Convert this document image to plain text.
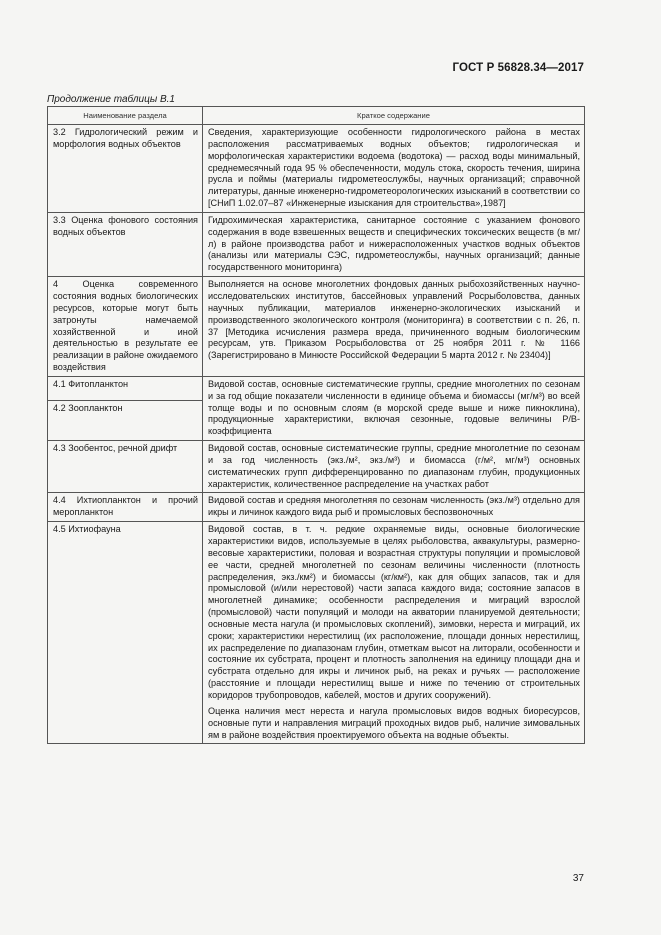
ГОСТ Р 56828.34—2017
Продолжение таблицы В.1
Наименование раздела	Краткое содержание
3.2 Гидрологический режим и морфология водных объектов	Сведения, характеризующие особенности гидрологического района в местах расположения рассматриваемых водных объектов; гидрологическая и морфологическая характеристики водоема (водотока) — расход воды минимальный, среднемесячный года 95 % обеспеченности, модуль стока, скорость течения, ширина русла и поймы (материалы гидрометеослужбы, научных организаций; справочной литературы, данные инженерно-гидрометеорологических изысканий в соответствии со [СНиП 1.02.07–87 «Инженерные изыскания для строительства»,1987]

3.3 Оценка фонового состояния водных объектов	Гидрохимическая характеристика, санитарное состояние с указанием фонового содержания в воде взвешенных веществ и специфических токсических веществ (в мг/л) в районе производства работ и нижерасположенных участков водных объектов (анализы или материалы СЭС, гидрометеослужбы, научных организаций; данные государственного мониторинга)

4 Оценка современного состояния водных биологических ресурсов, которые могут быть затронуты намечаемой хозяйственной и иной деятельностью в результате ее реализации в районе ожидаемого воздействия	Выполняется на основе многолетних фондовых данных рыбохозяйственных научно-исследовательских институтов, бассейновых управлений Росрыболовства, данных научных публикации, материалов инженерно-экологических изысканий и производственного экологического контроля (мониторинга) в соответствии с п. 26, п. 37 [Методика исчисления размера вреда, причиненного водным биологическим ресурсам, утв. Приказом Росрыболовства от 25 ноября 2011 г. № 1166 (Зарегистрировано в Минюсте Российской Федерации 5 марта 2012 г. № 23404)]

4.1 Фитопланктон	Видовой состав, основные систематические группы, средние многолетних по сезонам и за год общие показатели численности в единице объема и биомассы (мг/м³) во всей толще воды и по основным слоям (в морской среде выше и ниже пикноклина), продукционные характеристики, включая сезонные, годовые величины Р/В-коэффициента

4.2 Зоопланктон	
4.3 Зообентос, речной дрифт	Видовой состав, основные систематические группы, средние многолетние по сезонам и за год численность (экз./м², экз./м³) и биомасса (г/м², мг/м³) основных систематических групп дифференцированно по диапазонам глубин, продукционных характеристик, количественное распределение на участках работ

4.4 Ихтиопланктон и прочий меропланктон	Видовой состав и средняя многолетняя по сезонам численность (экз./м³) отдельно для икры и личинок каждого вида рыб и промысловых беспозвоночных

4.5 Ихтиофауна	Видовой состав, в т. ч. редкие охраняемые виды, основные биологические характеристики видов, используемые в целях рыболовства, аквакультуры, размерно-весовые характеристики, половая и возрастная структуры популяции и промысловой ее части, средней многолетней по сезонам величины численности (плотность распределения, экз./км²) и биомассы (кг/км²), как для общих запасов, так и для промысловой (и/или нерестовой) части запаса каждого вида; состояние запасов в многолетней динамике; особенности распределения и миграций взрослой (промысловой) части популяций и молоди на акватории планируемой деятельности; основные места нагула (и промысловых скоплений), зимовки, нереста и миграций, их сроки; характеристики нерестилищ (их расположение, площади донных нерестилищ, их распределение по диапазонам глубин, отметкам высот на литорали, особенности и состояние их субстрата, процент и плотность заполнения на единицу площади дна и субстрата отдельно для икры и личинок рыб, на реках и ручьях — расположение (расстояние и площади нерестилищ выше и ниже по течению от строительных коридоров трубопроводов, кабелей, мостов и других сооружений).

Оценка наличия мест нереста и нагула промысловых видов водных биоресурсов, основные пути и направления миграций проходных видов рыб, наличие зимовальных ям в районе воздействия проектируемого объекта на водные объекты.

37
